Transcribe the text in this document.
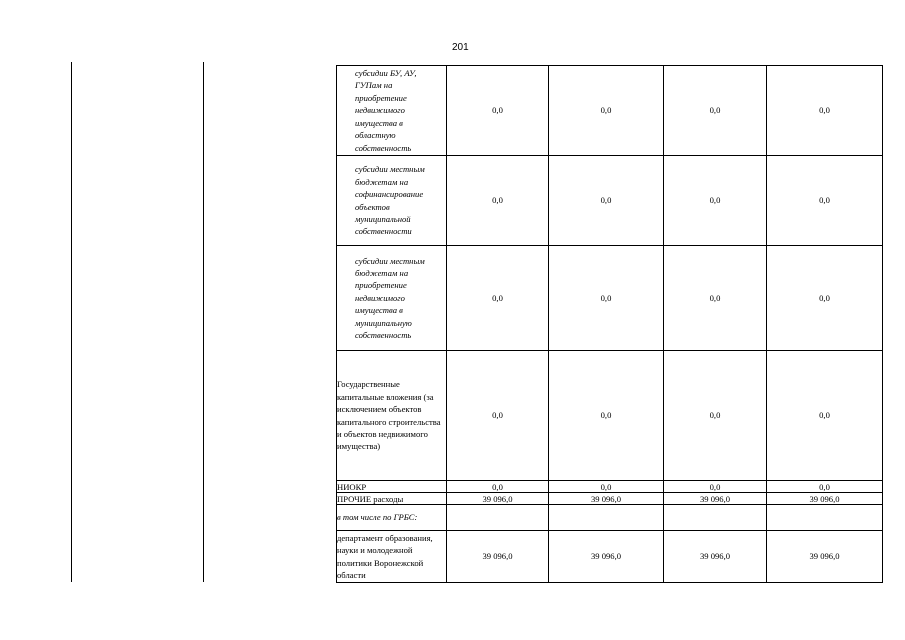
201
субсидии БУ, АУ, ГУПам на приобретение недвижимого имущества в областную собственность	0,0	0,0	0,0	0,0
субсидии местным бюджетам на софинансирование объектов муниципальной собственности	0,0	0,0	0,0	0,0
субсидии местным бюджетам на приобретение недвижимого имущества в муниципальную собственность	0,0	0,0	0,0	0,0
Государственные капитальные вложения (за исключением объектов капитального строительства и объектов недвижимого имущества)	0,0	0,0	0,0	0,0
НИОКР	0,0	0,0	0,0	0,0
ПРОЧИЕ расходы	39 096,0	39 096,0	39 096,0	39 096,0
в том числе по ГРБС:				
департамент образования, науки и молодежной политики Воронежской области	39 096,0	39 096,0	39 096,0	39 096,0
